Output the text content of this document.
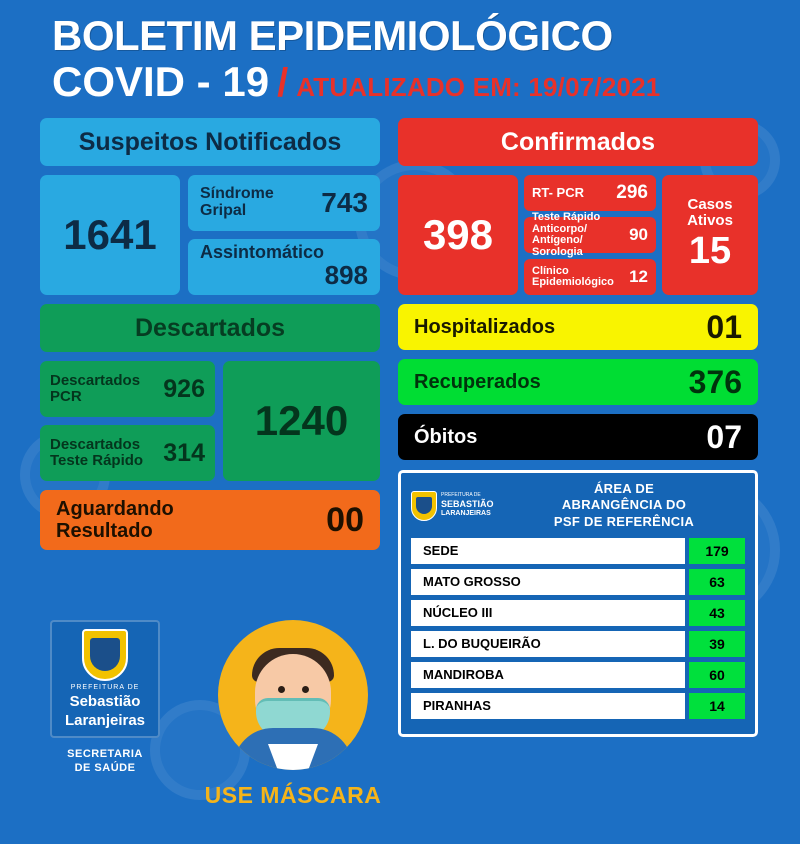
BOLETIM EPIDEMIOLÓGICO
COVID - 19 / ATUALIZADO EM: 19/07/2021
Suspeitos Notificados
1641
Síndrome
Gripal	743
Assintomático
898
Descartados
Descartados
PCR	926
Descartados
Teste Rápido 314
1240
Aguardando
Resultado	00
Confirmados
398
RT- PCR 296
Teste Rápido
Anticorpo/
Antígeno/ Sorologia
90
Clínico
Epidemiológico 12
Casos
Ativos
15
Hospitalizados	01
Recuperados	376
Óbitos	07
PREFEITURA DE
SEBASTIÃO
LARANJEIRAS
ÁREA DE
ABRANGÊNCIA DO
PSF DE REFERÊNCIA
SEDE	179
MATO GROSSO	63
NÚCLEO III	43
L. DO BUQUEIRÃO	39
MANDIROBA	60
PIRANHAS	14
PREFEITURA DE
Sebastião
Laranjeiras
SECRETARIA
DE SAÚDE
USE MÁSCARA
